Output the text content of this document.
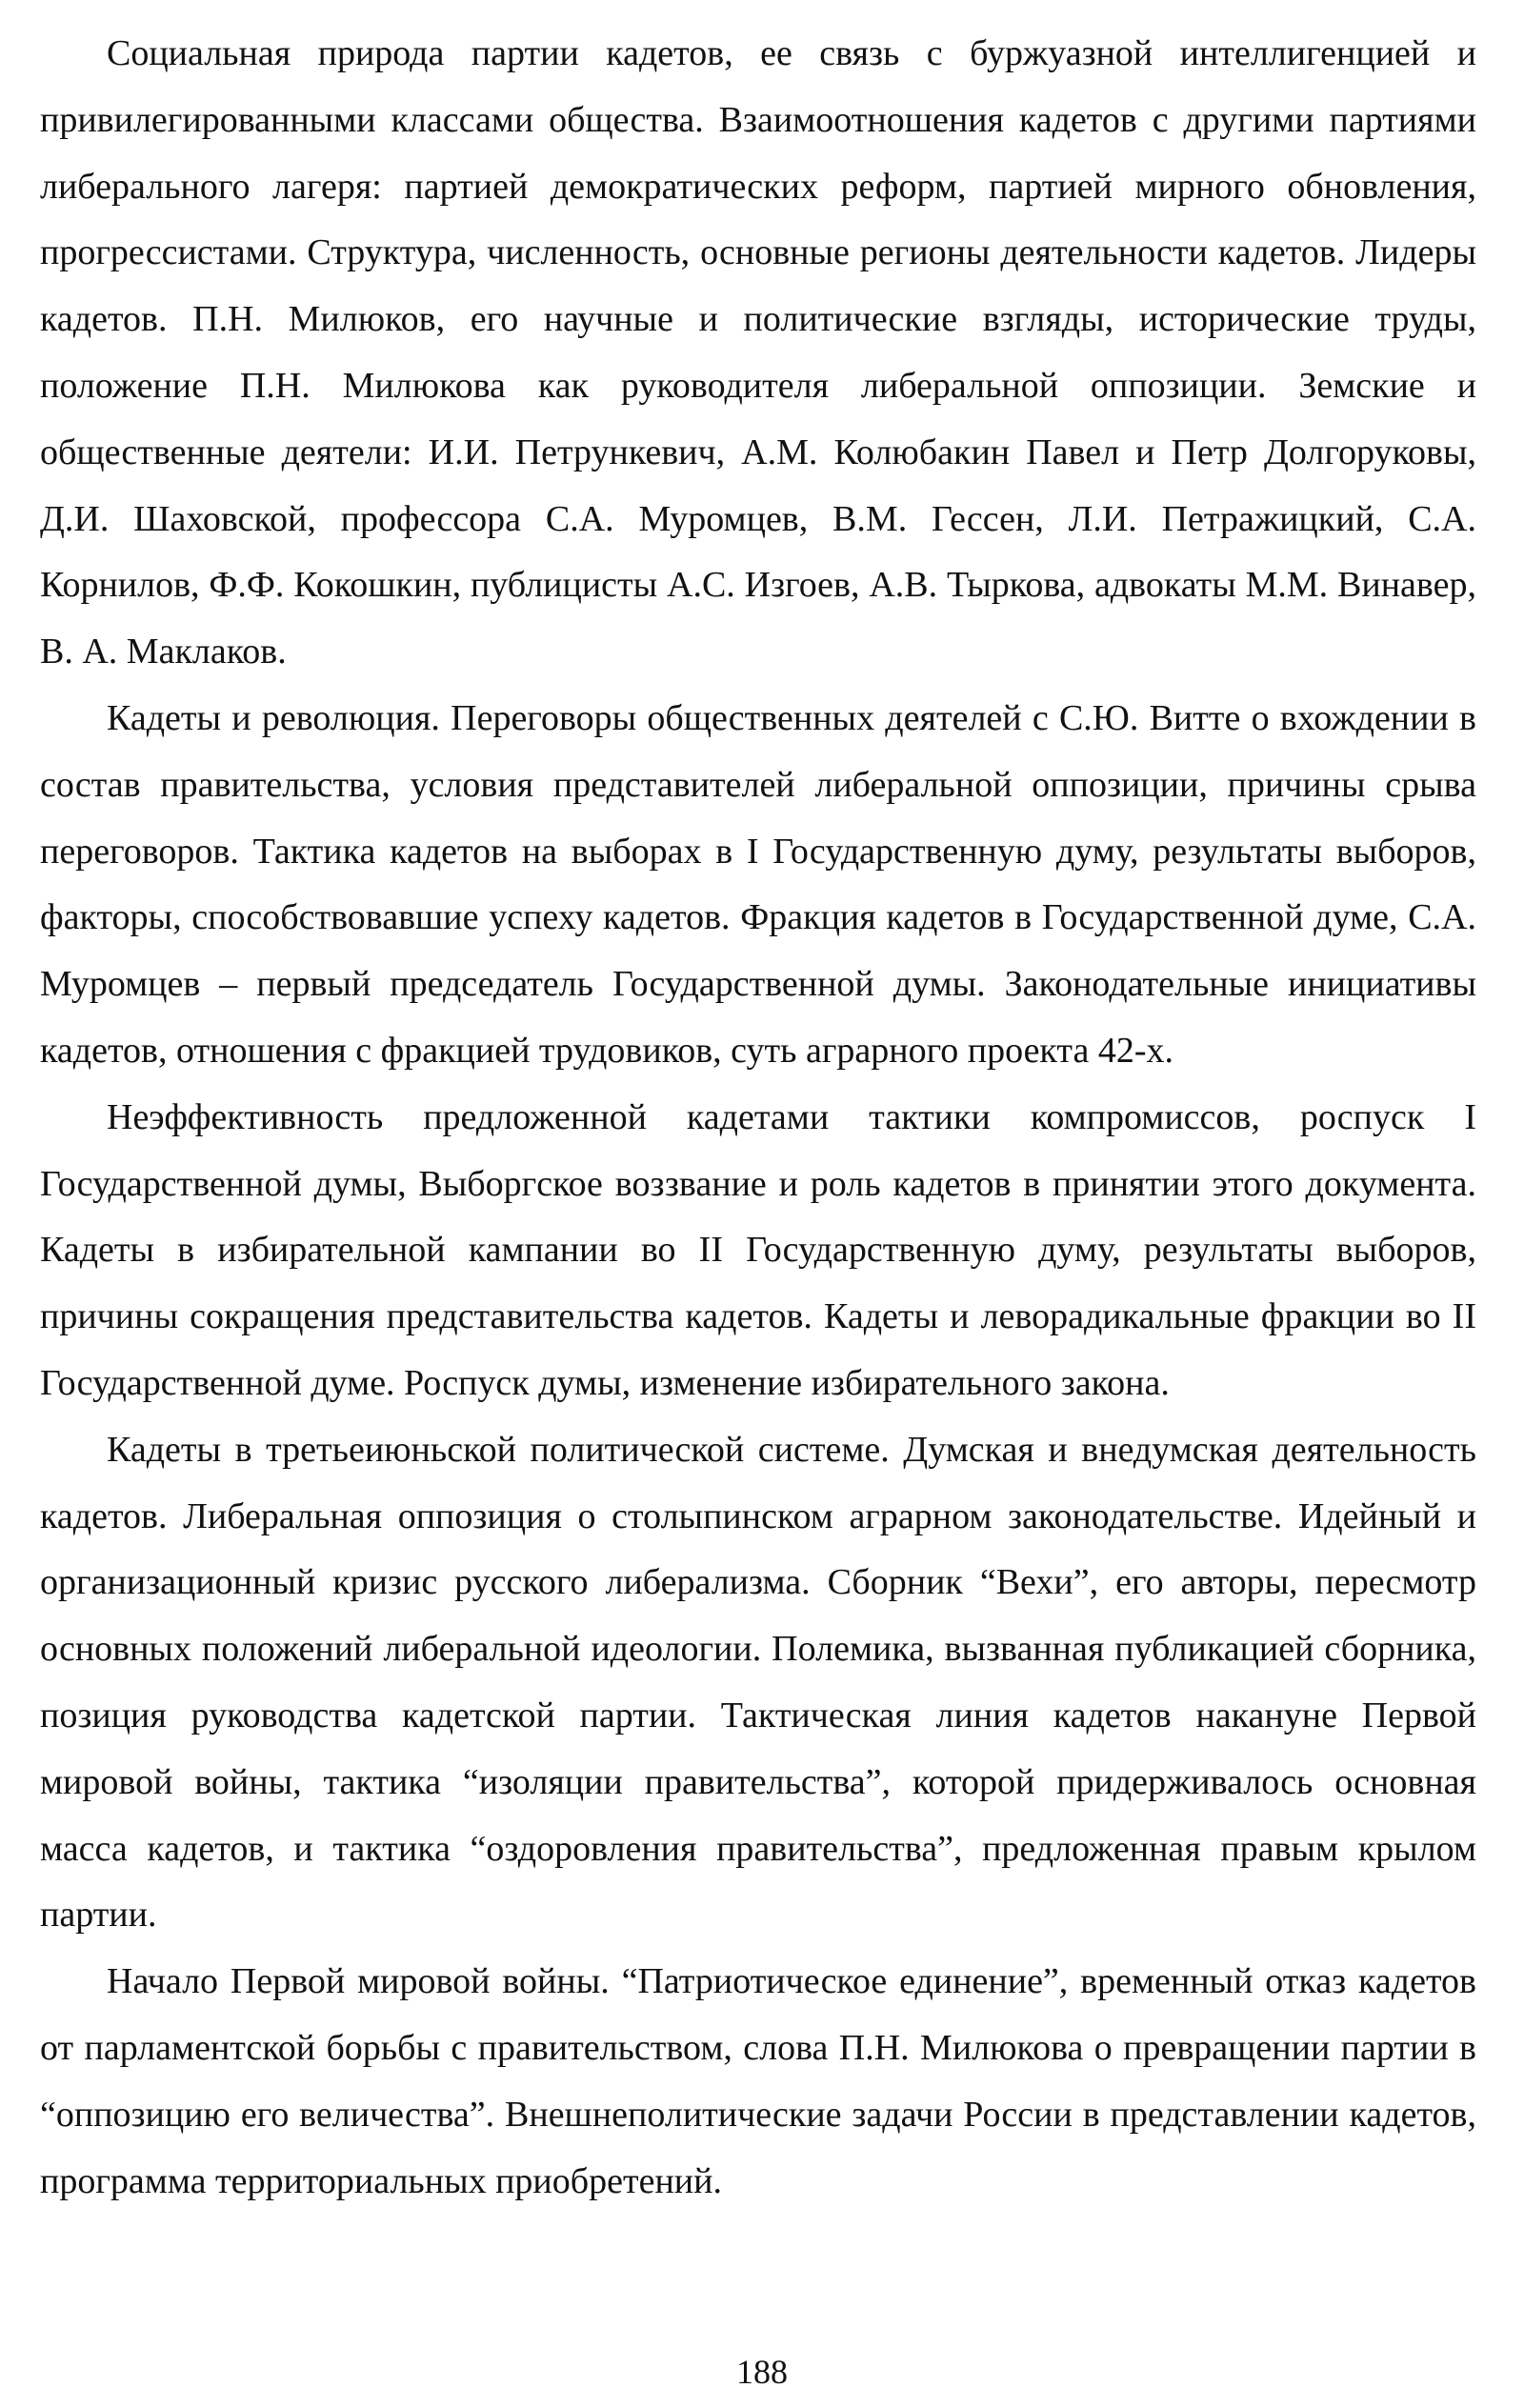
Социальная природа партии кадетов, ее связь с буржуазной интеллигенцией и привилегированными классами общества. Взаимоотношения кадетов с другими партиями либерального лагеря: партией демократических реформ, партией мирного обновления, прогрессистами. Структура, численность, основные регионы деятельности кадетов. Лидеры кадетов. П.Н. Милюков, его научные и политические взгляды, исторические труды, положение П.Н. Милюкова как руководителя либеральной оппозиции. Земские и общественные деятели: И.И. Петрункевич, А.М. Колюбакин Павел и Петр Долгоруковы, Д.И. Шаховской, профессора С.А. Муромцев, В.М. Гессен, Л.И. Петражицкий, С.А. Корнилов, Ф.Ф. Кокошкин, публицисты А.С. Изгоев, А.В. Тыркова, адвокаты М.М. Винавер, В. А. Маклаков.

Кадеты и революция. Переговоры общественных деятелей с С.Ю. Витте о вхождении в состав правительства, условия представителей либеральной оппозиции, причины срыва переговоров. Тактика кадетов на выборах в I Государственную думу, результаты выборов, факторы, способствовавшие успеху кадетов. Фракция кадетов в Государственной думе, С.А. Муромцев – первый председатель Государственной думы. Законодательные инициативы кадетов, отношения с фракцией трудовиков, суть аграрного проекта 42-х.

Неэффективность предложенной кадетами тактики компромиссов, роспуск I Государственной думы, Выборгское воззвание и роль кадетов в принятии этого документа. Кадеты в избирательной кампании во II Государственную думу, результаты выборов, причины сокращения представительства кадетов. Кадеты и леворадикальные фракции во II Государственной думе. Роспуск думы, изменение избирательного закона.

Кадеты в третьеиюньской политической системе. Думская и внедумская деятельность кадетов. Либеральная оппозиция о столыпинском аграрном законодательстве. Идейный и организационный кризис русского либерализма. Сборник “Вехи”, его авторы, пересмотр основных положений либеральной идеологии. Полемика, вызванная публикацией сборника, позиция руководства кадетской партии. Тактическая линия кадетов накануне Первой мировой войны, тактика “изоляции правительства”, которой придерживалось основная масса кадетов, и тактика “оздоровления правительства”, предложенная правым крылом партии.

Начало Первой мировой войны. “Патриотическое единение”, временный отказ кадетов от парламентской борьбы с правительством, слова П.Н. Милюкова о превращении партии в “оппозицию его величества”. Внешнеполитические задачи России в представлении кадетов, программа территориальных приобретений.

188
